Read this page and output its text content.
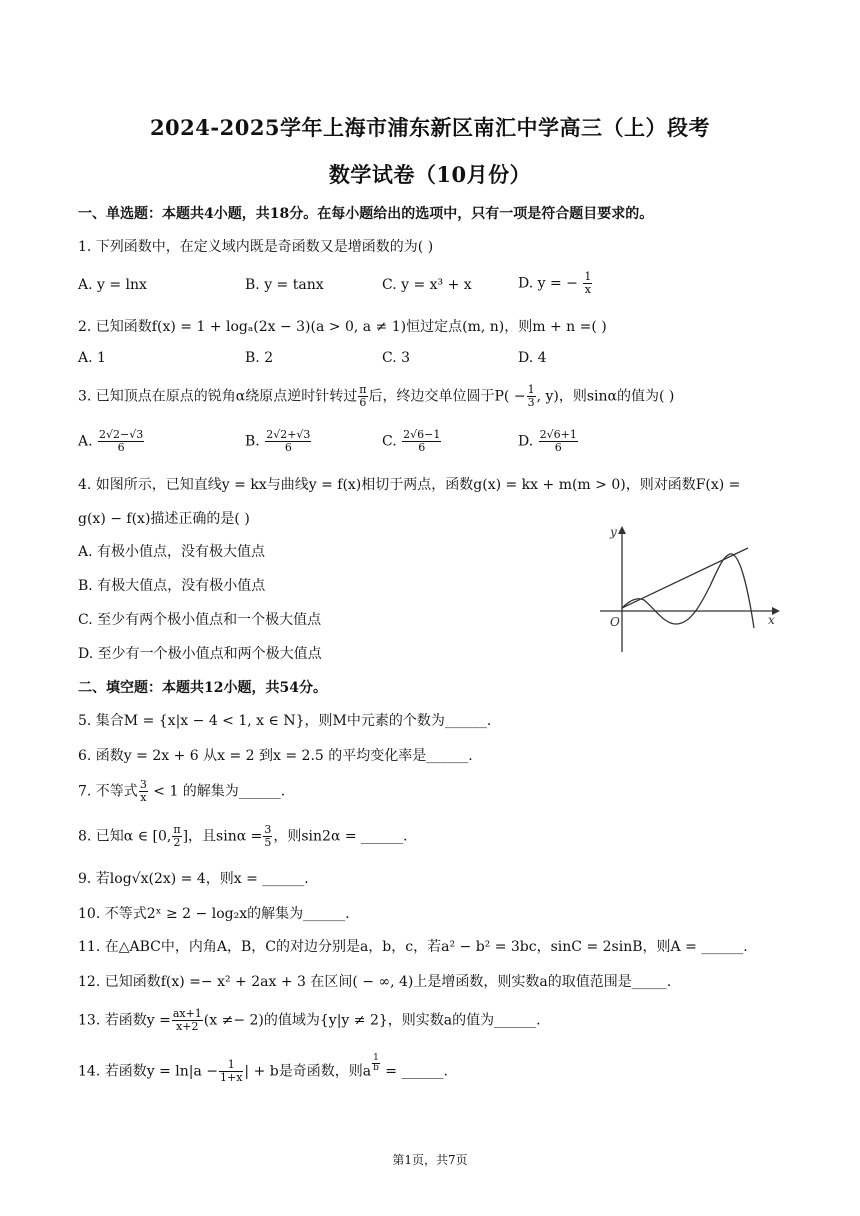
2024-2025学年上海市浦东新区南汇中学高三（上）段考
数学试卷（10月份）
一、单选题：本题共4小题，共18分。在每小题给出的选项中，只有一项是符合题目要求的。
1. 下列函数中，在定义域内既是奇函数又是增函数的为( )
A. y = lnx	B. y = tanx	C. y = x³ + x	D. y = − $\frac{1}{x}$
2. 已知函数f(x) = 1 + logₐ(2x − 3)(a > 0, a ≠ 1)恒过定点(m, n)，则m + n =( )
A. 1	B. 2	C. 3	D. 4
3. 已知顶点在原点的锐角α绕原点逆时针转过 $\frac{\pi}{6}$ 后，终边交单位圆于$P( - \frac{1}{3}$ , y)，则sinα的值为( )
A. $\frac{2√2-√3}{6}$	B. $\frac{2√2+√3}{6}$	C. $\frac{2√6-1}{6}$	D. $\frac{2√6+1}{6}$
4. 如图所示，已知直线y = kx与曲线y = f(x)相切于两点，函数g(x) = kx + m(m > 0)，则对函数F(x) =
g(x) − f(x)描述正确的是( )
A. 有极小值点，没有极大值点
B. 有极大值点，没有极小值点
C. 至少有两个极小值点和一个极大值点
D. 至少有一个极小值点和两个极大值点
y
x
O
二、填空题：本题共12小题，共54分。
5. 集合M = {x|x − 4 < 1, x ∈ N}，则M中元素的个数为______.
6. 函数y = 2x + 6 从x = 2 到x = 2.5 的平均变化率是______.
7. 不等式 $\frac{3}{x} < 1$ 的解集为______.
8. 已知α ∈ [0, $\frac{\pi}{2}$ ]，且$\sin\alpha = \frac{3}{5}$ ，则sin2α = ______.
9. 若log√x(2x) = 4，则x = ______.
10. 不等式2ˣ ≥ 2 − log₂x的解集为______.
11. 在△ABC中，内角A，B，C的对边分别是a，b，c，若a² − b² = 3bc，sinC = 2sinB，则A = ______.
12. 已知函数f(x) =− x² + 2ax + 3 在区间( − ∞, 4)上是增函数，则实数a的取值范围是_____.
13. 若函数$y = \frac{ax+1}{x+2} (x \ne- 2)$的值域为{y|y ≠ 2}，则实数a的值为______.
14. 若函数$y = \ln|a - \frac{1}{1+x}$ | + b是奇函数，则a $^{\frac{1}{b}}$ = ______.
第1页，共7页
